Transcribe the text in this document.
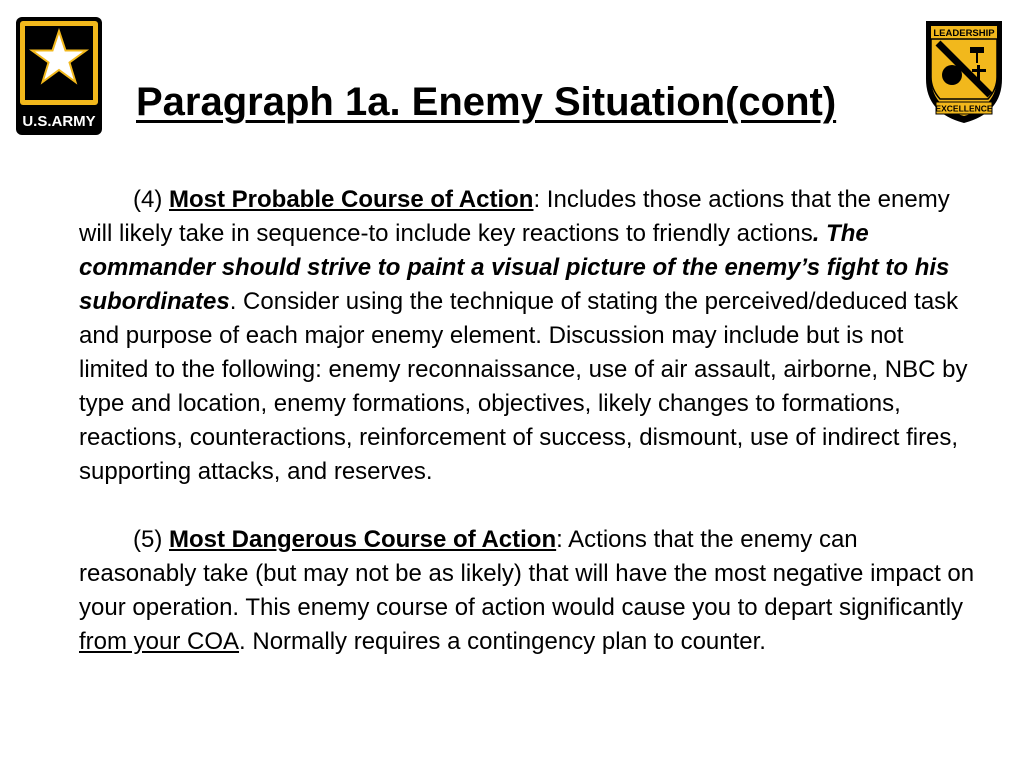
U.S.ARMY
LEADERSHIP
EXCELLENCE
Paragraph 1a. Enemy Situation(cont)

(4) Most Probable Course of Action: Includes those actions that the enemy will likely take in sequence-to include key reactions to friendly actions. The commander should strive to paint a visual picture of the enemy’s fight to his subordinates. Consider using the technique of stating the perceived/deduced task and purpose of each major enemy element. Discussion may include but is not limited to the following: enemy reconnaissance, use of air assault, airborne, NBC by type and location, enemy formations, objectives, likely changes to formations, reactions, counteractions, reinforcement of success, dismount, use of indirect fires, supporting attacks, and reserves.

(5) Most Dangerous Course of Action: Actions that the enemy can reasonably take (but may not be as likely) that will have the most negative impact on your operation. This enemy course of action would cause you to depart significantly from your COA. Normally requires a contingency plan to counter.
